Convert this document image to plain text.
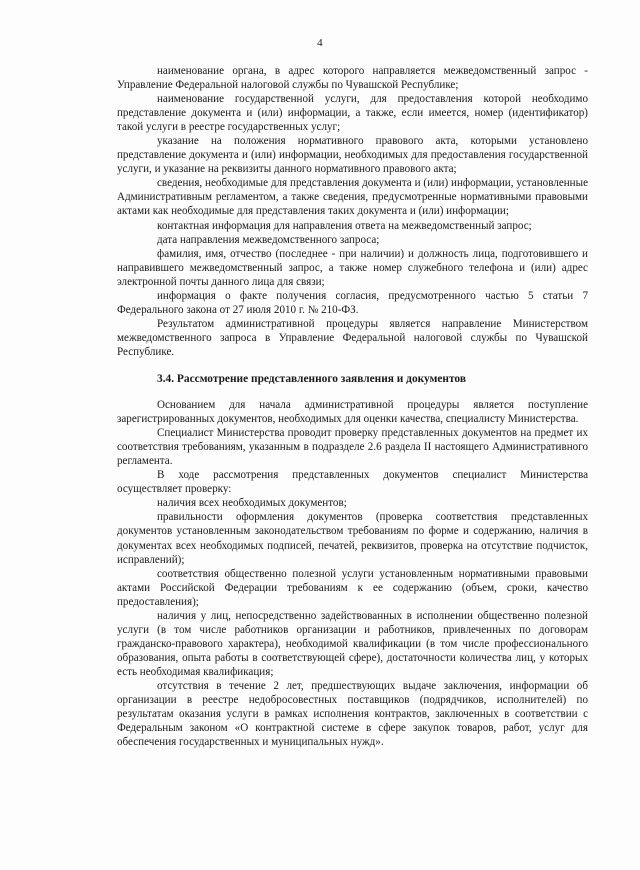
4

наименование органа, в адрес которого направляется межведомственный запрос - Управление Федеральной налоговой службы по Чувашской Республике;

наименование государственной услуги, для предоставления которой необходимо представление документа и (или) информации, а также, если имеется, номер (идентификатор) такой услуги в реестре государственных услуг;

указание на положения нормативного правового акта, которыми установлено представление документа и (или) информации, необходимых для предоставления государственной услуги, и указание на реквизиты данного нормативного правового акта;

сведения, необходимые для представления документа и (или) информации, установленные Административным регламентом, а также сведения, предусмотренные нормативными правовыми актами как необходимые для представления таких документа и (или) информации;

контактная информация для направления ответа на межведомственный запрос;

дата направления межведомственного запроса;

фамилия, имя, отчество (последнее - при наличии) и должность лица, подготовившего и направившего межведомственный запрос, а также номер служебного телефона и (или) адрес электронной почты данного лица для связи;

информация о факте получения согласия, предусмотренного частью 5 статьи 7 Федерального закона от 27 июля 2010 г. № 210-ФЗ.

Результатом административной процедуры является направление Министерством межведомственного запроса в Управление Федеральной налоговой службы по Чувашской Республике.

3.4. Рассмотрение представленного заявления и документов

Основанием для начала административной процедуры является поступление зарегистрированных документов, необходимых для оценки качества, специалисту Министерства.

Специалист Министерства проводит проверку представленных документов на предмет их соответствия требованиям, указанным в подразделе 2.6 раздела II настоящего Административного регламента.

В ходе рассмотрения представленных документов специалист Министерства осуществляет проверку:

наличия всех необходимых документов;

правильности оформления документов (проверка соответствия представленных документов установленным законодательством требованиям по форме и содержанию, наличия в документах всех необходимых подписей, печатей, реквизитов, проверка на отсутствие подчисток, исправлений);

соответствия общественно полезной услуги установленным нормативными правовыми актами Российской Федерации требованиям к ее содержанию (объем, сроки, качество предоставления);

наличия у лиц, непосредственно задействованных в исполнении общественно полезной услуги (в том числе работников организации и работников, привлеченных по договорам гражданско-правового характера), необходимой квалификации (в том числе профессионального образования, опыта работы в соответствующей сфере), достаточности количества лиц, у которых есть необходимая квалификация;

отсутствия в течение 2 лет, предшествующих выдаче заключения, информации об организации в реестре недобросовестных поставщиков (подрядчиков, исполнителей) по результатам оказания услуги в рамках исполнения контрактов, заключенных в соответствии с Федеральным законом «О контрактной системе в сфере закупок товаров, работ, услуг для обеспечения государственных и муниципальных нужд».
